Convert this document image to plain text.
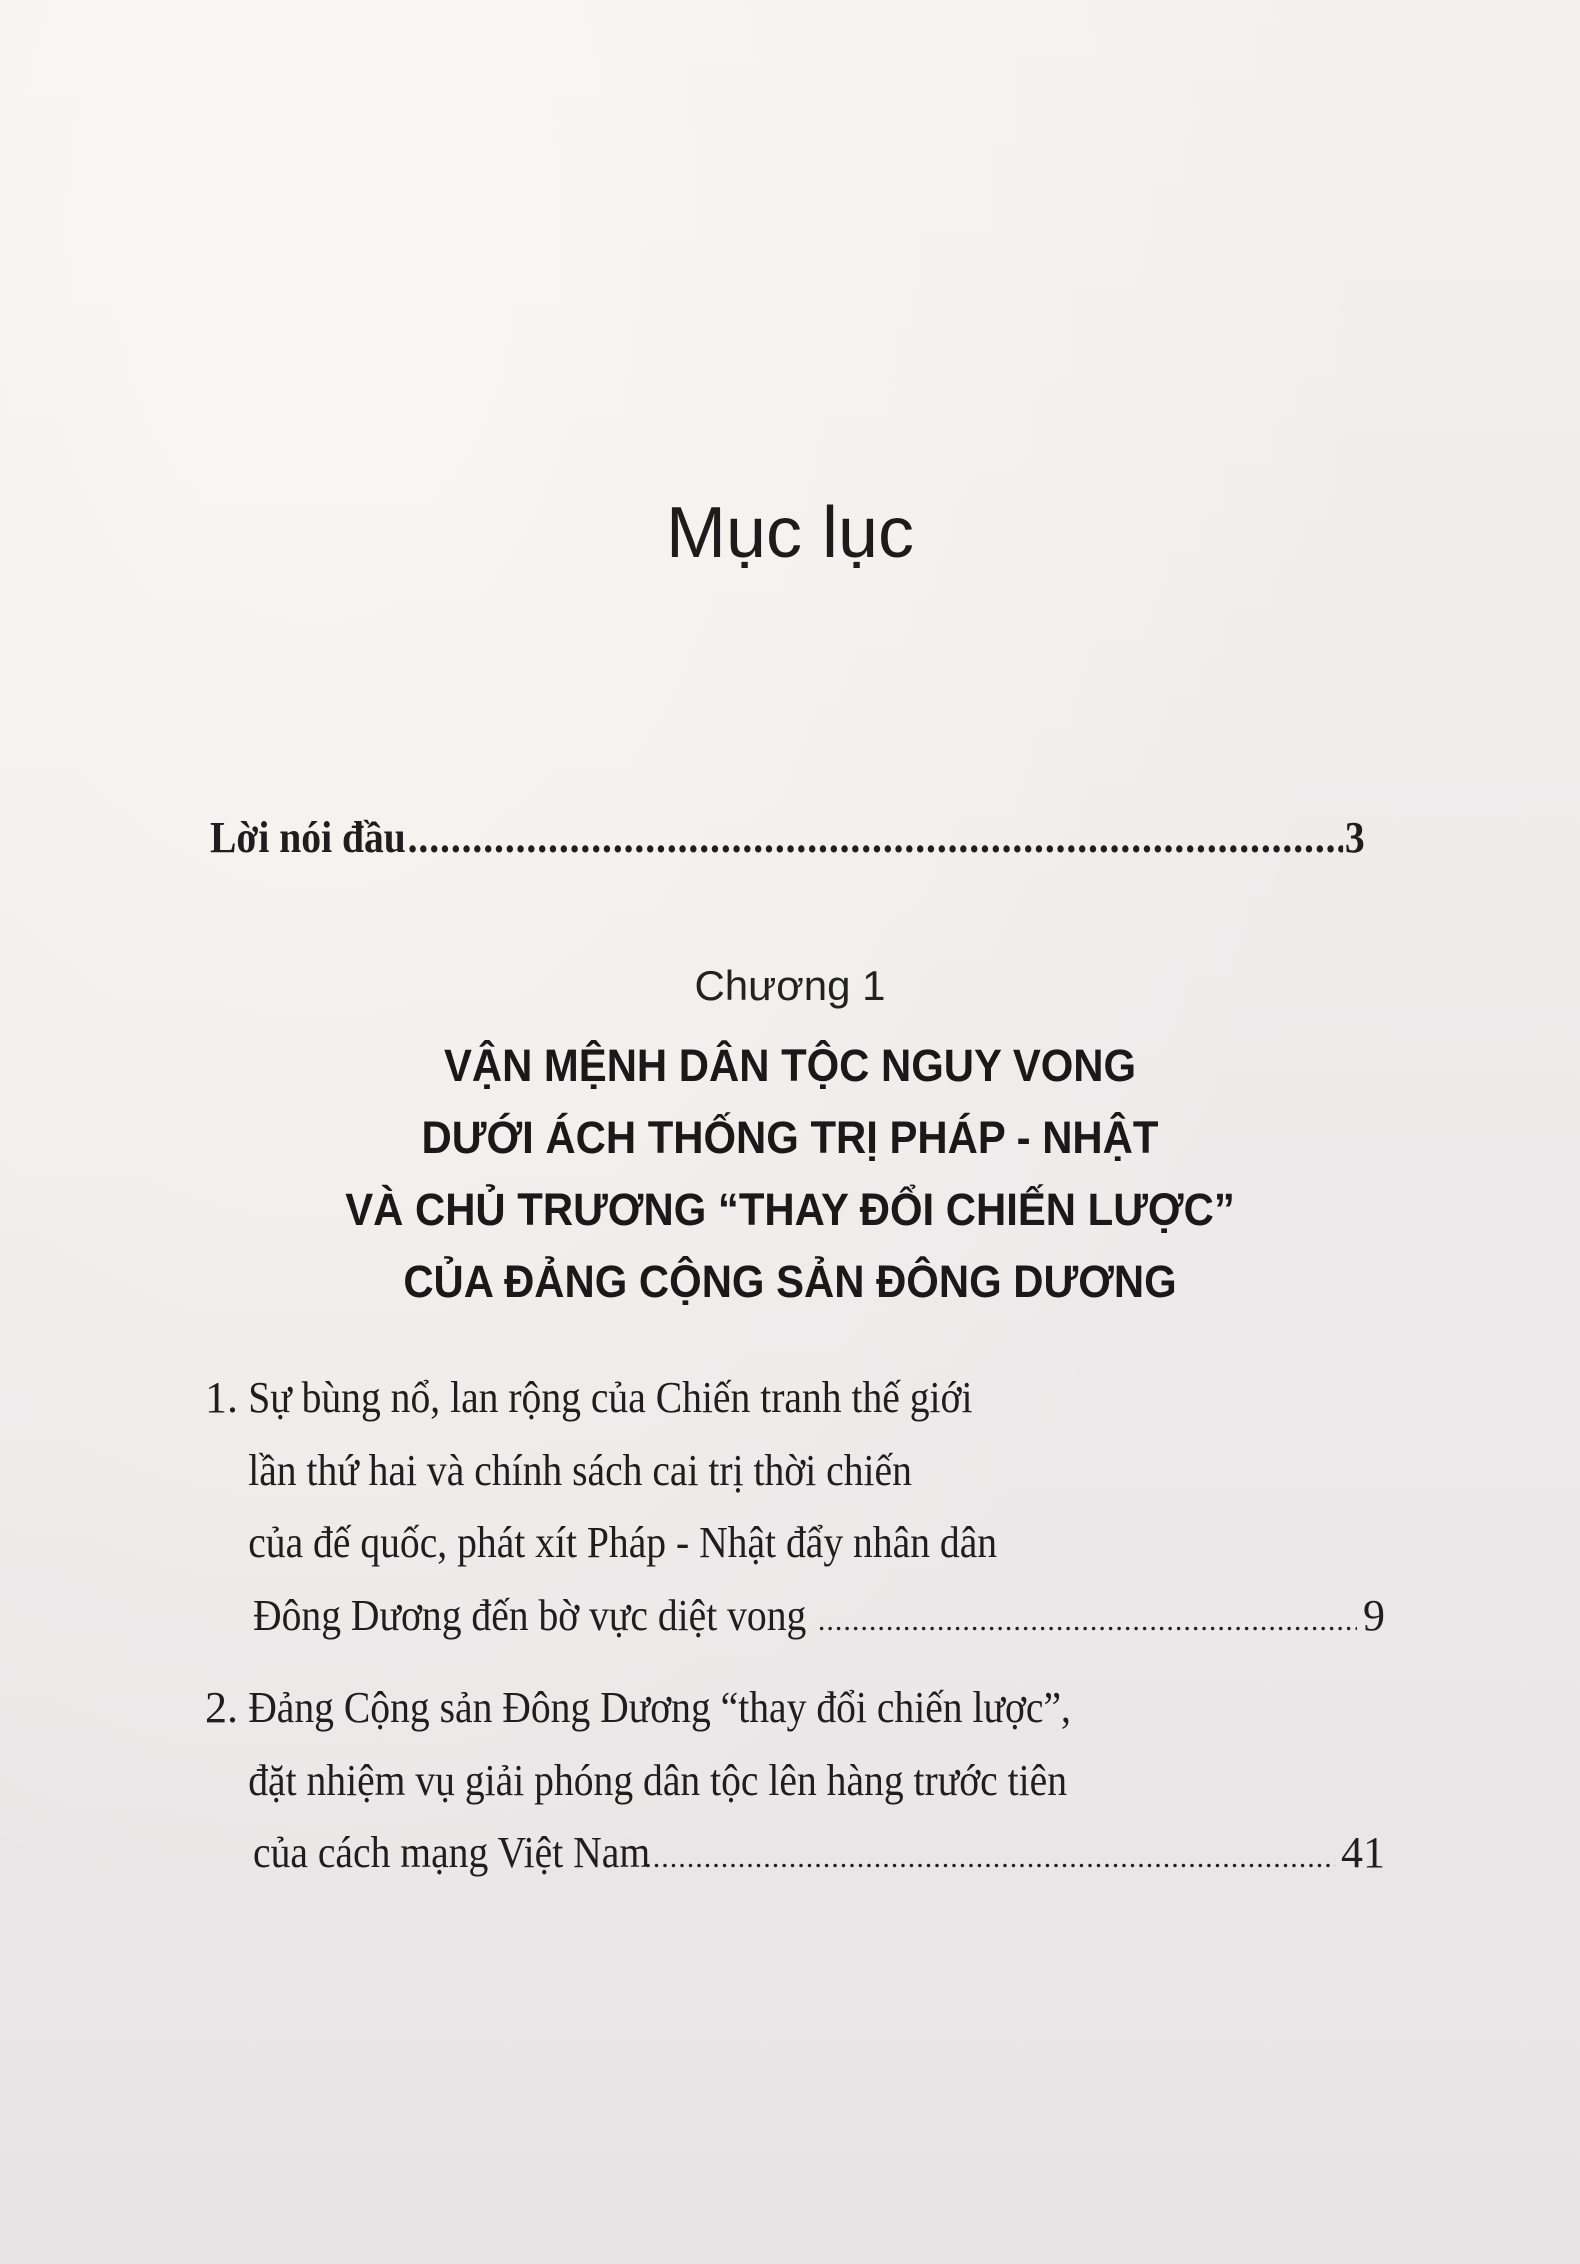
Mục lục
Lời nói đầu .....	3
Chương 1
VẬN MỆNH DÂN TỘC NGUY VONG
DƯỚI ÁCH THỐNG TRỊ PHÁP - NHẬT
VÀ CHỦ TRƯƠNG “THAY ĐỔI CHIẾN LƯỢC”
CỦA ĐẢNG CỘNG SẢN ĐÔNG DƯƠNG
1. Sự bùng nổ, lan rộng của Chiến tranh thế giới
lần thứ hai và chính sách cai trị thời chiến
của đế quốc, phát xít Pháp - Nhật đẩy nhân dân
Đông Dương đến bờ vực diệt vong .....	9
2. Đảng Cộng sản Đông Dương “thay đổi chiến lược”,
đặt nhiệm vụ giải phóng dân tộc lên hàng trước tiên
của cách mạng Việt Nam .....	41
